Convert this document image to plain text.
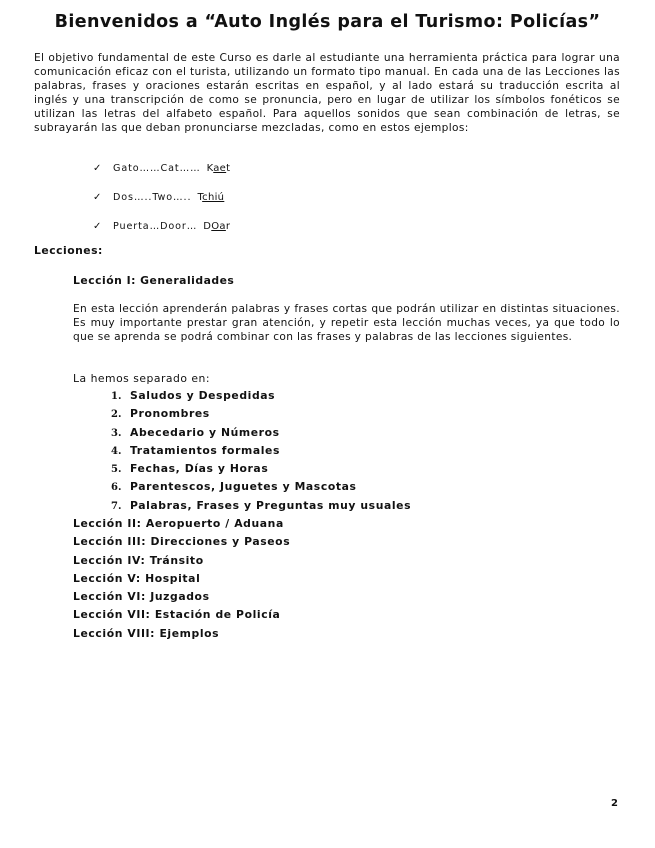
Bienvenidos a “Auto Inglés para el Turismo: Policías”

El objetivo fundamental de este Curso es darle al estudiante una herramienta práctica para lograr una comunicación eficaz con el turista, utilizando un formato tipo manual. En cada una de las Lecciones las palabras, frases y oraciones estarán escritas en español, y al lado estará su traducción escrita al inglés y una transcripción de como se pronuncia, pero en lugar de utilizar los símbolos fonéticos se utilizan las letras del alfabeto español. Para aquellos sonidos que sean combinación de letras, se subrayarán las que deban pronunciarse mezcladas, como en estos ejemplos:

✓ Gato……Cat…… Kaet
✓ Dos…..Two….. Tchiú
✓ Puerta…Door… DOar

Lecciones:

Lección I: Generalidades

En esta lección aprenderán palabras y frases cortas que podrán utilizar en distintas situaciones. Es muy importante prestar gran atención, y repetir esta lección muchas veces, ya que todo lo que se aprenda se podrá combinar con las frases y palabras de las lecciones siguientes.

La hemos separado en:

1. Saludos y Despedidas
2. Pronombres
3. Abecedario y Números
4. Tratamientos formales
5. Fechas, Días y Horas
6. Parentescos, Juguetes y Mascotas
7. Palabras, Frases y Preguntas muy usuales
Lección II: Aeropuerto / Aduana
Lección III: Direcciones y Paseos
Lección IV: Tránsito
Lección V: Hospital
Lección VI: Juzgados
Lección VII: Estación de Policía
Lección VIII: Ejemplos

2
